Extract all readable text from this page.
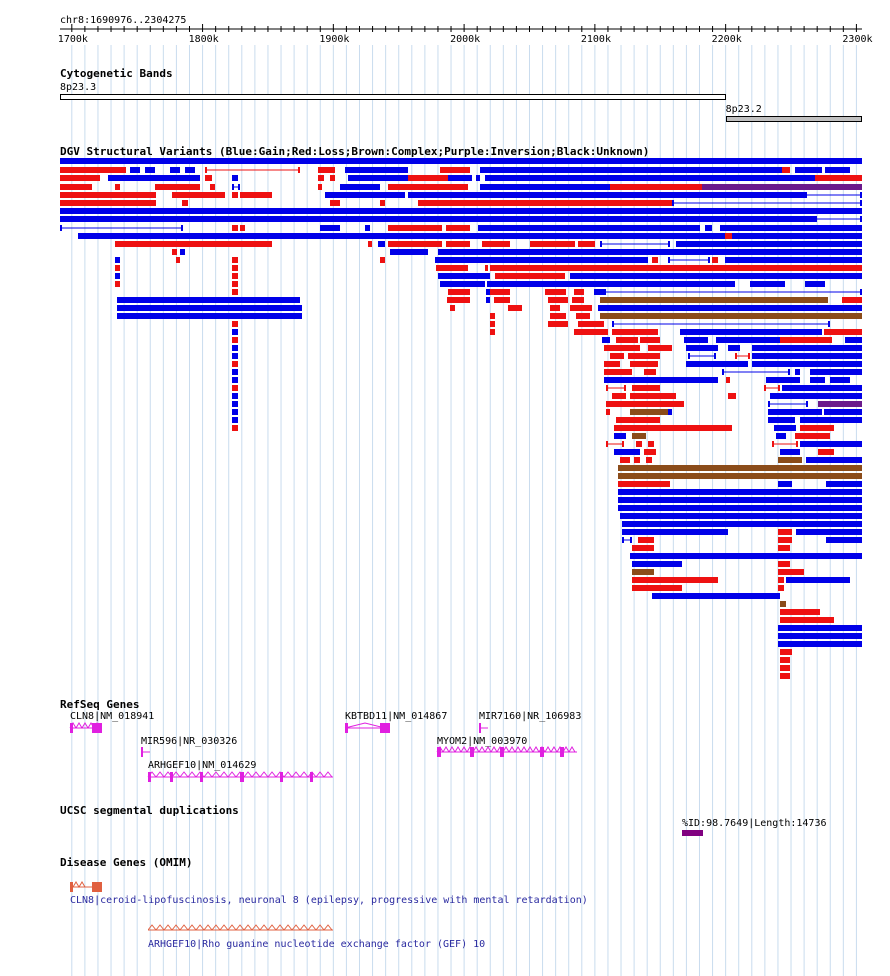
chr8:1690976..2304275
1700k	1800k	1900k	2000k	2100k	2200k	2300k
Cytogenetic Bands
8p23.3
8p23.2
DGV Structural Variants (Blue:Gain;Red:Loss;Brown:Complex;Purple:Inversion;Black:Unknown)
RefSeq Genes
CLN8|NM_018941
MIR596|NR_030326
ARHGEF10|NM_014629
KBTBD11|NM_014867	MIR7160|NR_106983
MYOM2|NM_003970
UCSC segmental duplications
%ID:98.7649|Length:14736
Disease Genes (OMIM)
CLN8|ceroid-lipofuscinosis, neuronal 8 (epilepsy, progressive with mental retardation)
ARHGEF10|Rho guanine nucleotide exchange factor (GEF) 10
